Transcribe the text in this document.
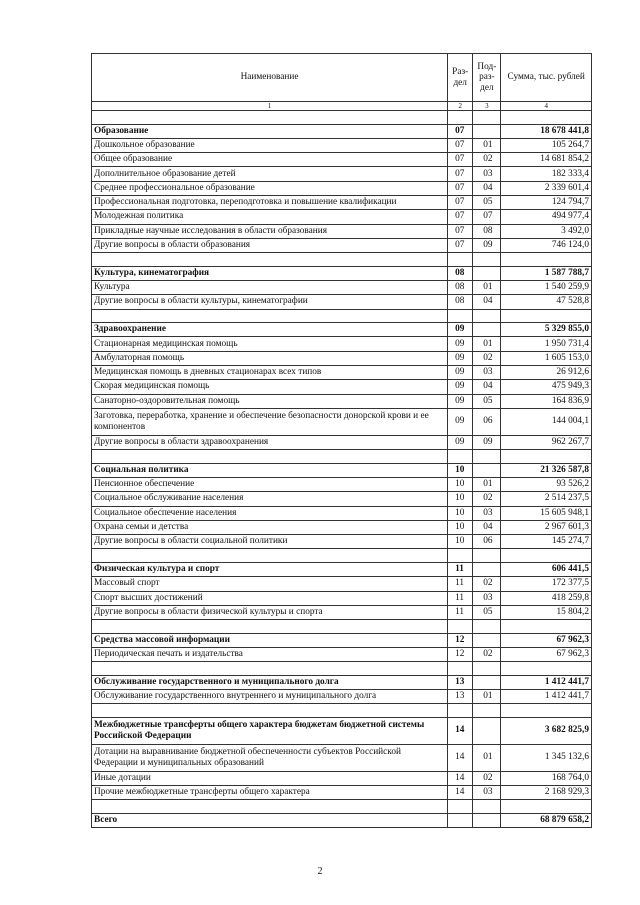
Наименование	Раз-дел	Под-раз-дел	Сумма, тыс. рублей
1	2	3	4

Образование	07		18 678 441,8
Дошкольное образование	07	01	105 264,7
Общее образование	07	02	14 681 854,2
Дополнительное образование детей	07	03	182 333,4
Среднее профессиональное образование	07	04	2 339 601,4
Профессиональная подготовка, переподготовка и повышение квалификации	07	05	124 794,7
Молодежная политика	07	07	494 977,4
Прикладные научные исследования в области образования	07	08	3 492,0
Другие вопросы в области образования	07	09	746 124,0

Культура, кинематография	08		1 587 788,7
Культура	08	01	1 540 259,9
Другие вопросы в области культуры, кинематографии	08	04	47 528,8

Здравоохранение	09		5 329 855,0
Стационарная медицинская помощь	09	01	1 950 731,4
Амбулаторная помощь	09	02	1 605 153,0
Медицинская помощь в дневных стационарах всех типов	09	03	26 912,6
Скорая медицинская помощь	09	04	475 949,3
Санаторно-оздоровительная помощь	09	05	164 836,9
Заготовка, переработка, хранение и обеспечение безопасности донорской крови и ее компонентов	09	06	144 004,1
Другие вопросы в области здравоохранения	09	09	962 267,7

Социальная политика	10		21 326 587,8
Пенсионное обеспечение	10	01	93 526,2
Социальное обслуживание населения	10	02	2 514 237,5
Социальное обеспечение населения	10	03	15 605 948,1
Охрана семьи и детства	10	04	2 967 601,3
Другие вопросы в области социальной политики	10	06	145 274,7

Физическая культура и спорт	11		606 441,5
Массовый спорт	11	02	172 377,5
Спорт высших достижений	11	03	418 259,8
Другие вопросы в области физической культуры и спорта	11	05	15 804,2

Средства массовой информации	12		67 962,3
Периодическая печать и издательства	12	02	67 962,3

Обслуживание государственного и муниципального долга	13		1 412 441,7
Обслуживание государственного внутреннего и муниципального долга	13	01	1 412 441,7

Межбюджетные трансферты общего характера бюджетам бюджетной системы Российской Федерации	14		3 682 825,9
Дотации на выравнивание бюджетной обеспеченности субъектов Российской Федерации и муниципальных образований	14	01	1 345 132,6
Иные дотации	14	02	168 764,0
Прочие межбюджетные трансферты общего характера	14	03	2 168 929,3

Всего			68 879 658,2
2
